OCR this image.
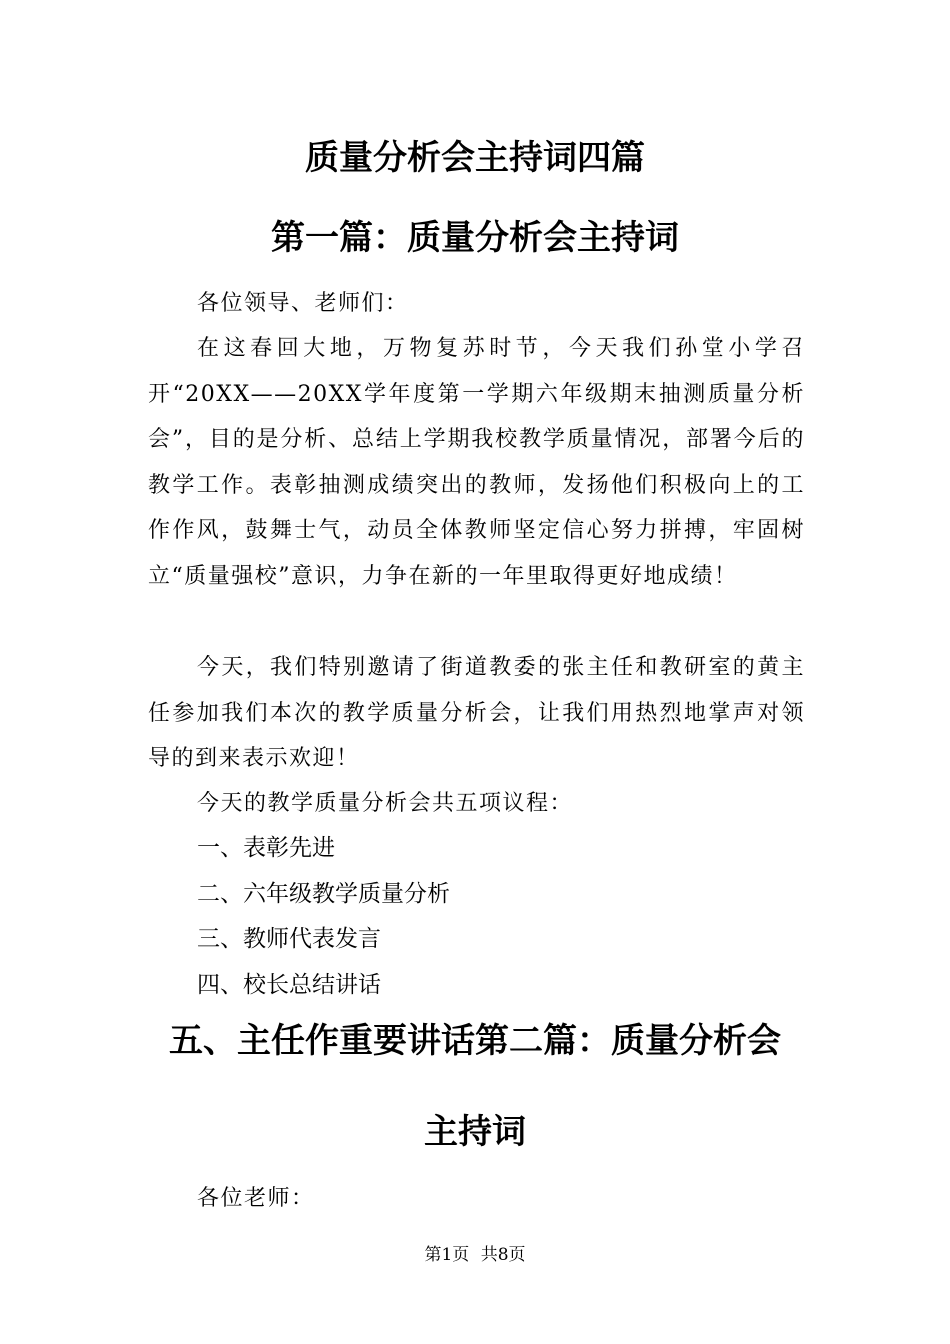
质量分析会主持词四篇
第一篇：质量分析会主持词

各位领导、老师们：

在这春回大地，万物复苏时节，今天我们孙堂小学召开“20XX——20XX学年度第一学期六年级期末抽测质量分析会”，目的是分析、总结上学期我校教学质量情况，部署今后的教学工作。表彰抽测成绩突出的教师，发扬他们积极向上的工作作风，鼓舞士气，动员全体教师坚定信心努力拼搏，牢固树立“质量强校”意识，力争在新的一年里取得更好地成绩！

今天，我们特别邀请了街道教委的张主任和教研室的黄主任参加我们本次的教学质量分析会，让我们用热烈地掌声对领导的到来表示欢迎！

今天的教学质量分析会共五项议程：

一、表彰先进
二、六年级教学质量分析
三、教师代表发言
四、校长总结讲话
五、主任作重要讲话第二篇：质量分析会
主持词

各位老师：

第1页 共8页
